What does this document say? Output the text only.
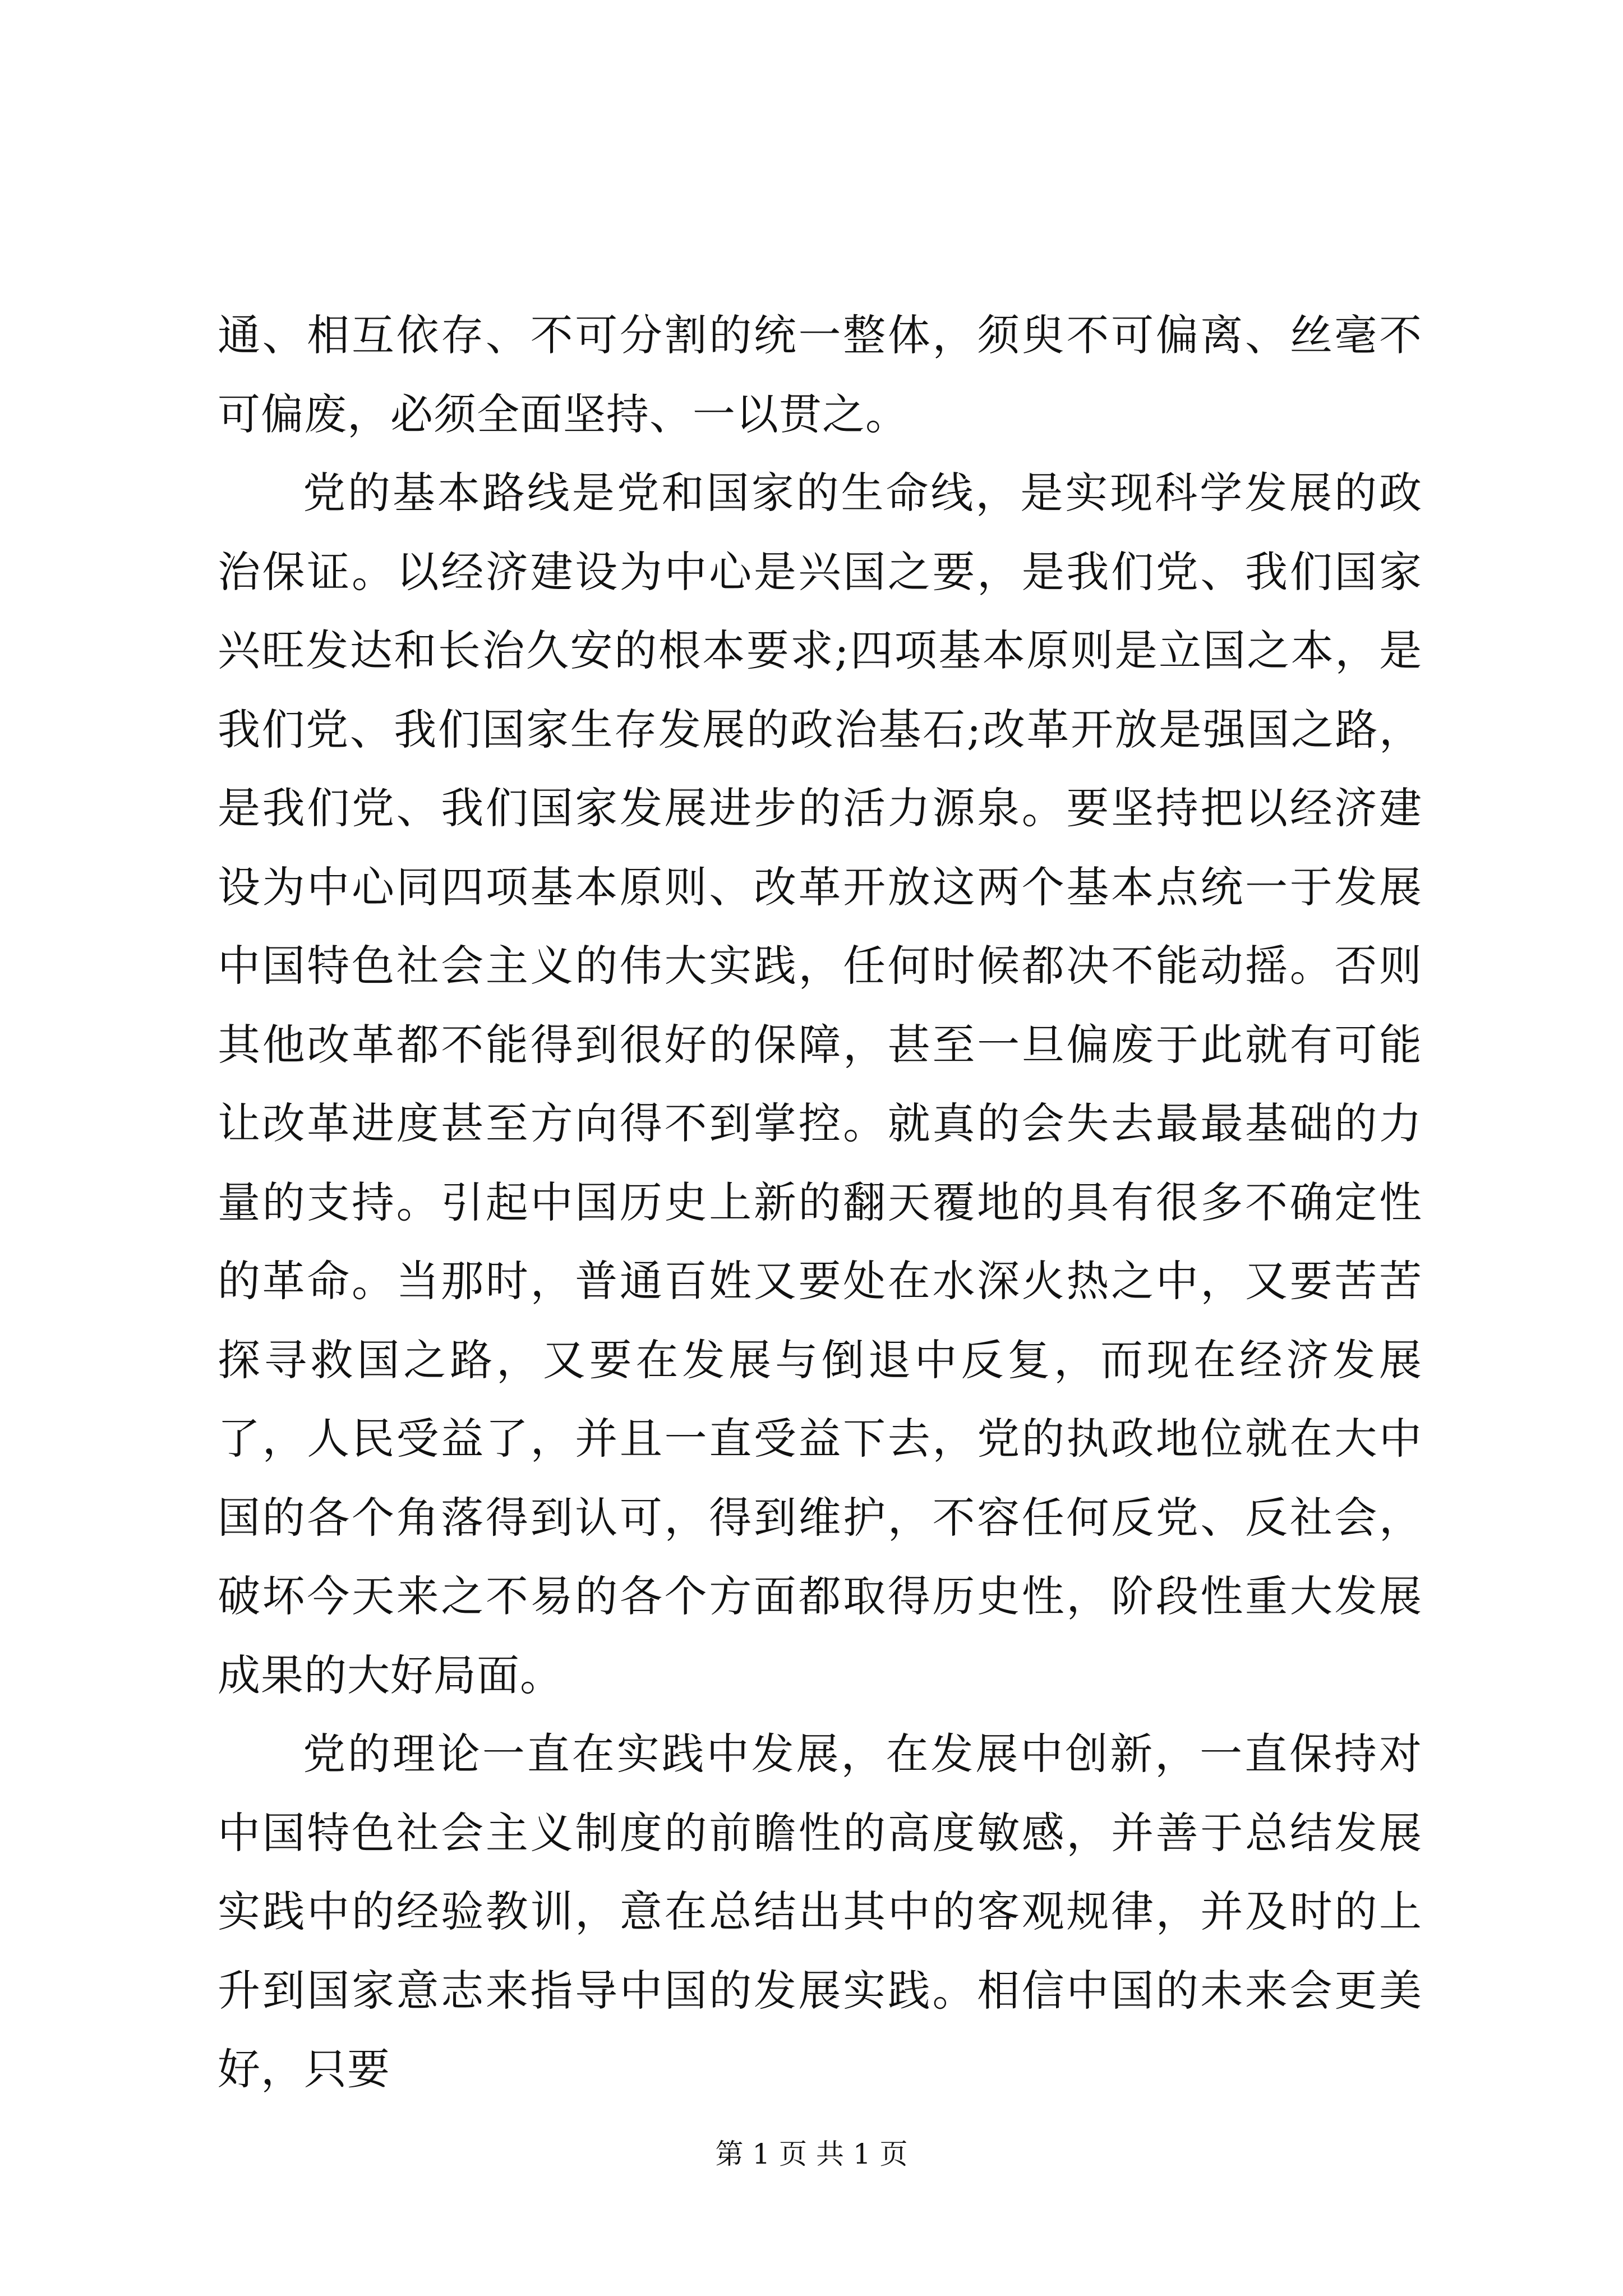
通、相互依存、不可分割的统一整体，须臾不可偏离、丝毫不可偏废，必须全面坚持、一以贯之。

党的基本路线是党和国家的生命线，是实现科学发展的政治保证。以经济建设为中心是兴国之要，是我们党、我们国家兴旺发达和长治久安的根本要求;四项基本原则是立国之本，是我们党、我们国家生存发展的政治基石;改革开放是强国之路，是我们党、我们国家发展进步的活力源泉。要坚持把以经济建设为中心同四项基本原则、改革开放这两个基本点统一于发展中国特色社会主义的伟大实践，任何时候都决不能动摇。否则其他改革都不能得到很好的保障，甚至一旦偏废于此就有可能让改革进度甚至方向得不到掌控。就真的会失去最最基础的力量的支持。引起中国历史上新的翻天覆地的具有很多不确定性的革命。当那时，普通百姓又要处在水深火热之中，又要苦苦探寻救国之路，又要在发展与倒退中反复，而现在经济发展了，人民受益了，并且一直受益下去，党的执政地位就在大中国的各个角落得到认可，得到维护，不容任何反党、反社会，破坏今天来之不易的各个方面都取得历史性，阶段性重大发展成果的大好局面。

党的理论一直在实践中发展，在发展中创新，一直保持对中国特色社会主义制度的前瞻性的高度敏感，并善于总结发展实践中的经验教训，意在总结出其中的客观规律，并及时的上升到国家意志来指导中国的发展实践。相信中国的未来会更美好，只要

第 1 页 共 1 页
